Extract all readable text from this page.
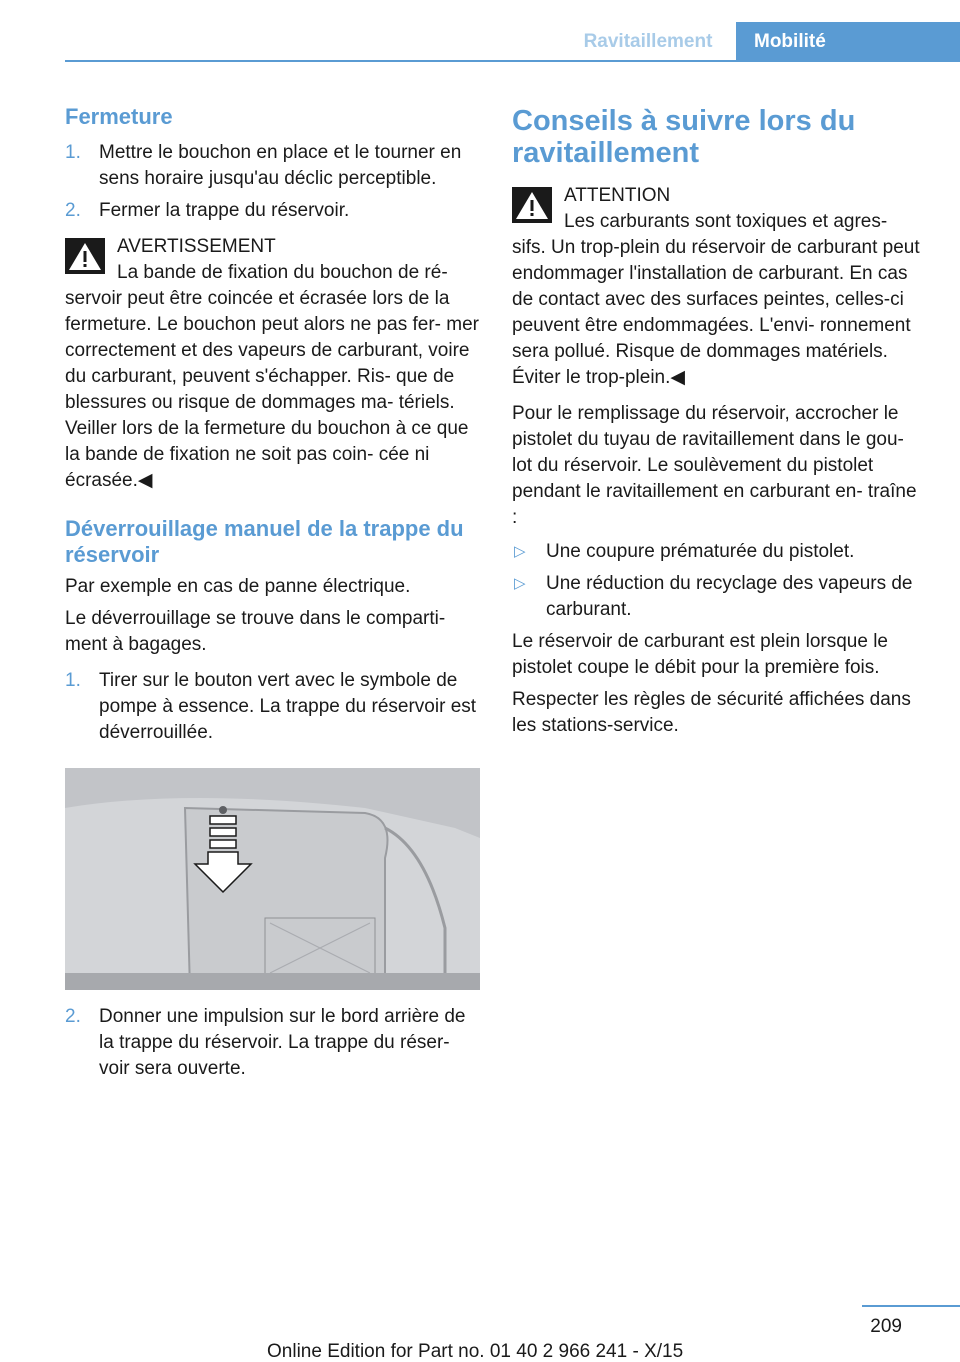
Ravitaillement	Mobilité
Fermeture
1. Mettre le bouchon en place et le tourner en sens horaire jusqu'au déclic perceptible.
2. Fermer la trappe du réservoir.
AVERTISSEMENT
La bande de fixation du bouchon de ré‐
servoir peut être coincée et écrasée lors de la fermeture. Le bouchon peut alors ne pas fer‐ mer correctement et des vapeurs de carburant, voire du carburant, peuvent s'échapper. Ris‐ que de blessures ou risque de dommages ma‐ tériels. Veiller lors de la fermeture du bouchon à ce que la bande de fixation ne soit pas coin‐ cée ni écrasée.◀
Déverrouillage manuel de la trappe du réservoir
Par exemple en cas de panne électrique.
Le déverrouillage se trouve dans le comparti‐ ment à bagages.
1. Tirer sur le bouton vert avec le symbole de pompe à essence. La trappe du réservoir est déverrouillée.
2. Donner une impulsion sur le bord arrière de la trappe du réservoir. La trappe du réser‐ voir sera ouverte.
Conseils à suivre lors du ravitaillement
ATTENTION
Les carburants sont toxiques et agres‐
sifs. Un trop-plein du réservoir de carburant peut endommager l'installation de carburant. En cas de contact avec des surfaces peintes, celles-ci peuvent être endommagées. L'envi‐ ronnement sera pollué. Risque de dommages matériels. Éviter le trop-plein.◀
Pour le remplissage du réservoir, accrocher le pistolet du tuyau de ravitaillement dans le gou‐ lot du réservoir. Le soulèvement du pistolet pendant le ravitaillement en carburant en‐ traîne :
▷ Une coupure prématurée du pistolet.
▷ Une réduction du recyclage des vapeurs de carburant.
Le réservoir de carburant est plein lorsque le pistolet coupe le débit pour la première fois.
Respecter les règles de sécurité affichées dans les stations-service.
209
Online Edition for Part no. 01 40 2 966 241 - X/15
